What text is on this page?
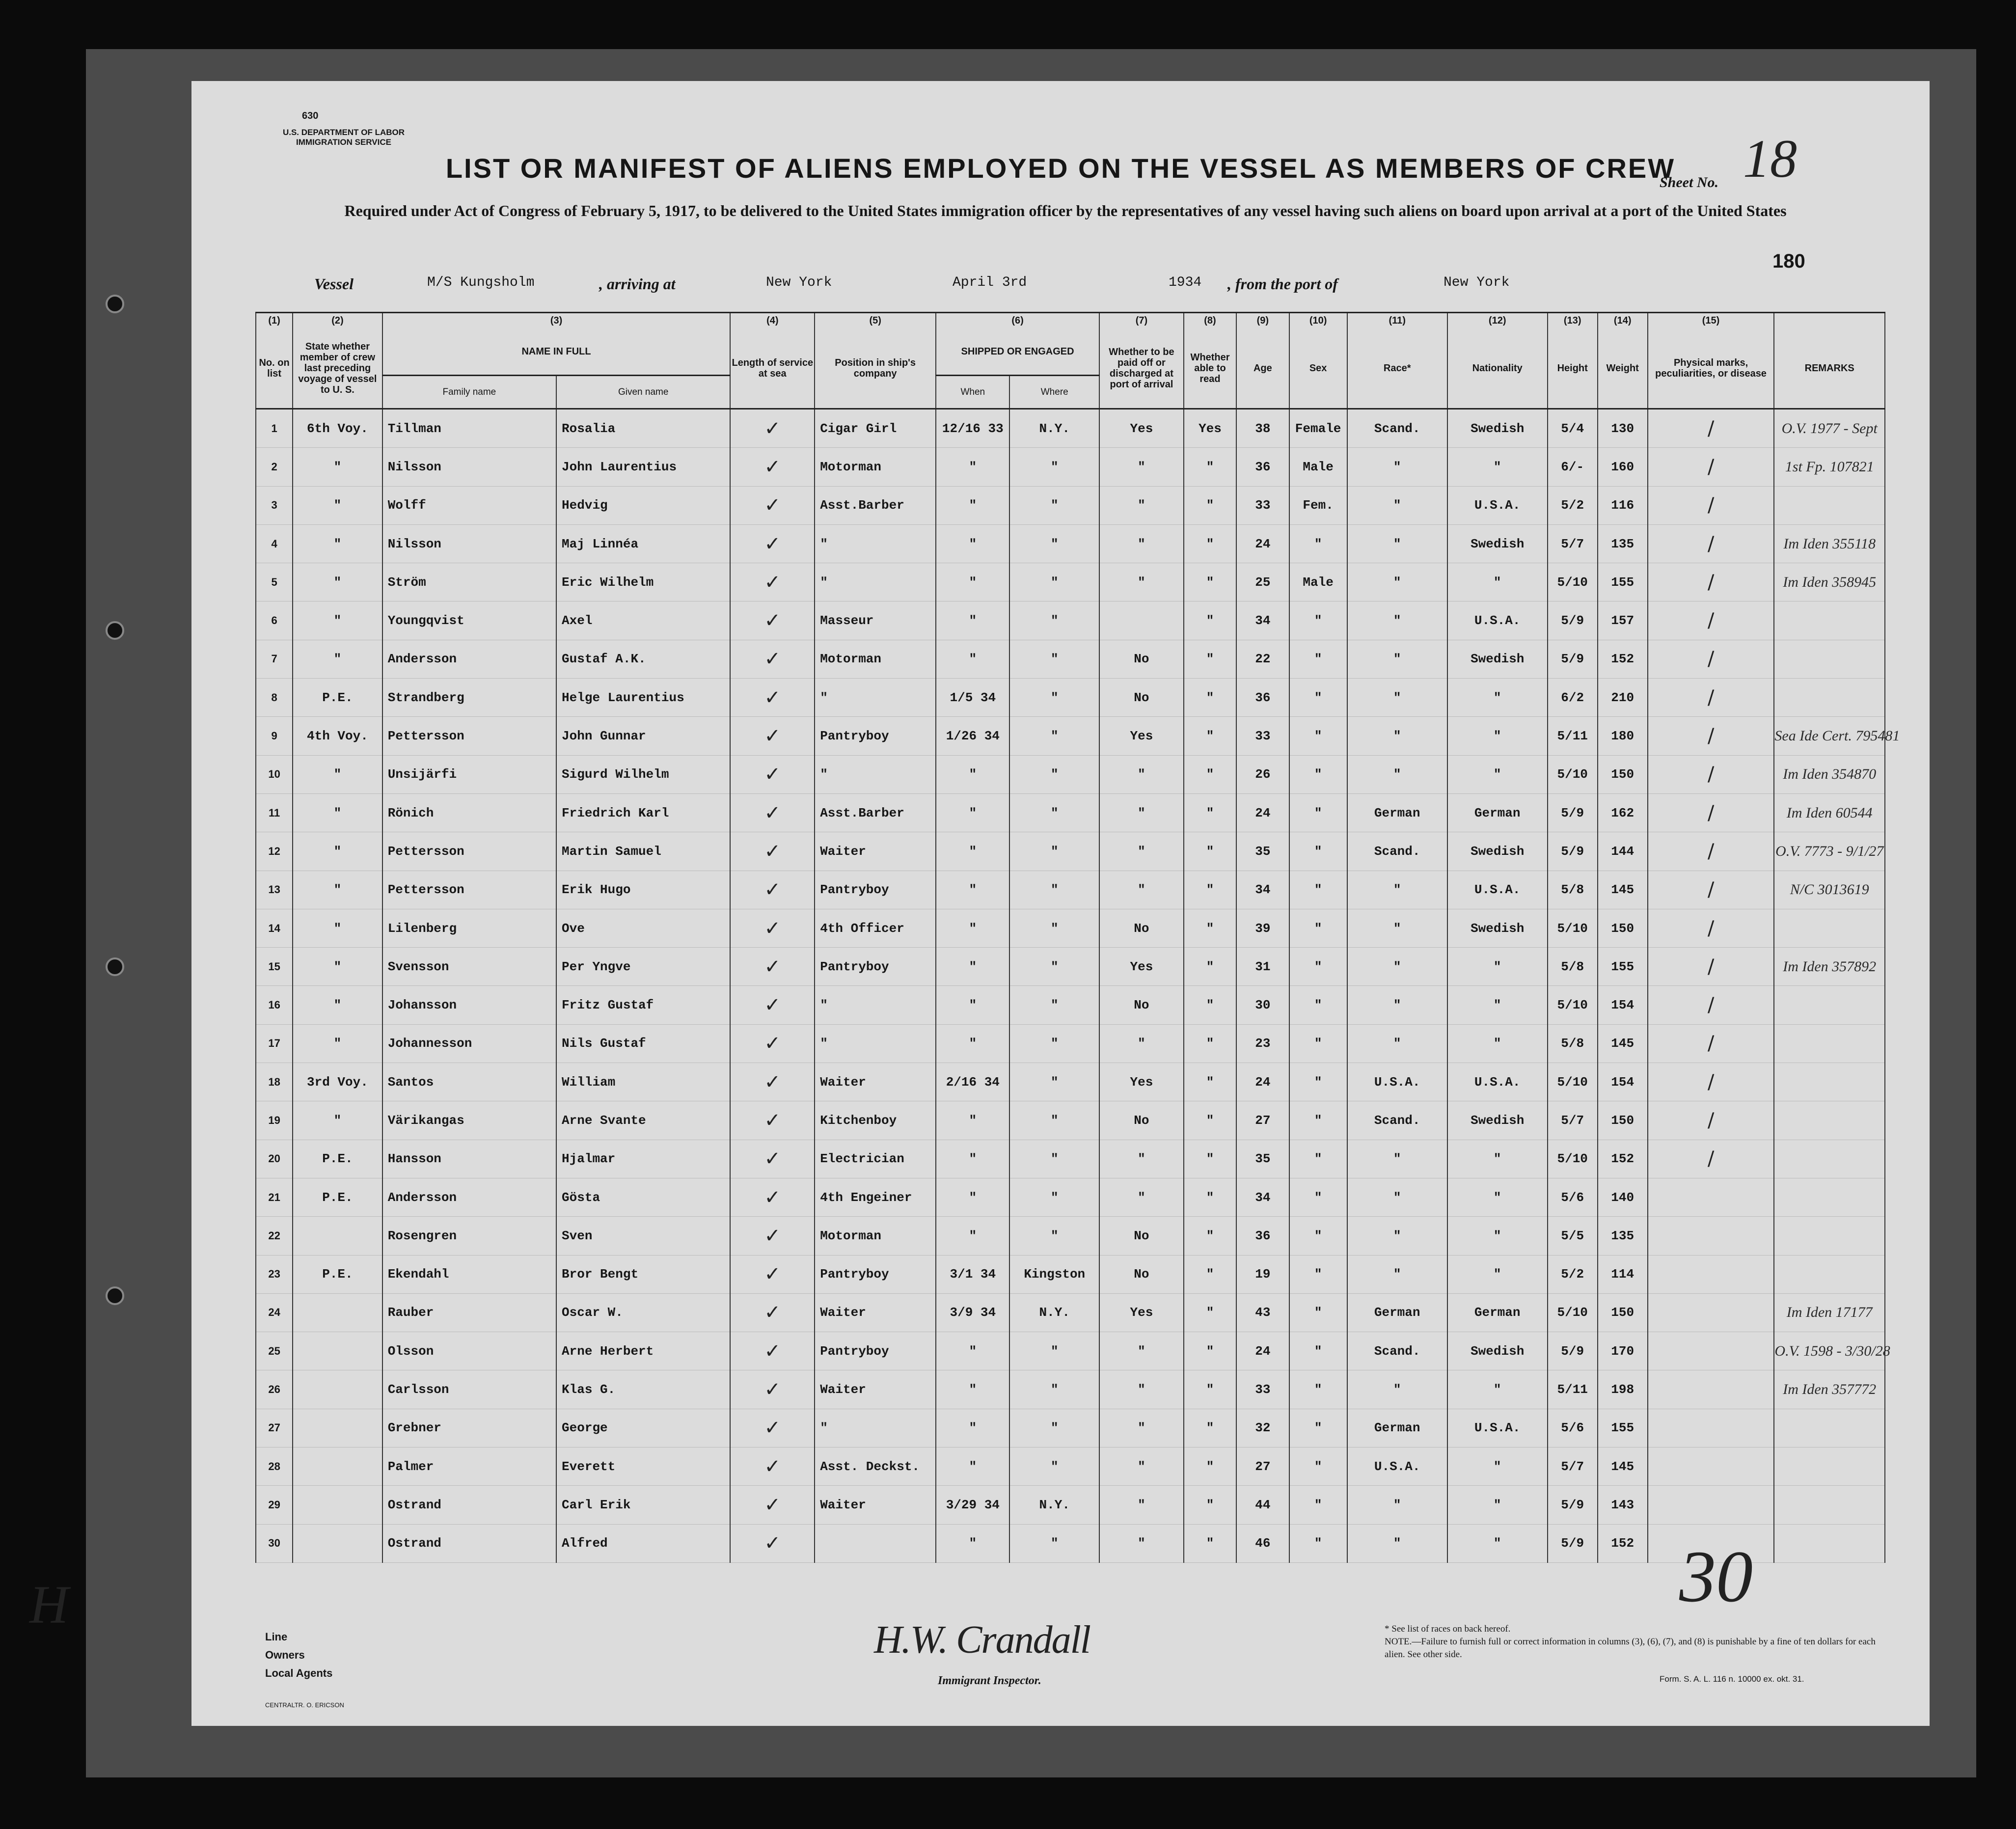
630
U.S. DEPARTMENT OF LABOR
IMMIGRATION SERVICE
Sheet No. 18
180
LIST OR MANIFEST OF ALIENS EMPLOYED ON THE VESSEL AS MEMBERS OF CREW
Required under Act of Congress of February 5, 1917, to be delivered to the United States immigration officer by the representatives of any vessel having such aliens on board upon arrival at a port of the United States
Vessel	M/S Kungsholm	, arriving at	New York	April 3rd	1934 , from the port of	New York
(1)	(2)	(3)		(4)	(5)	(6)		(7)	(8)	(9)	(10)	(11)	(12)	(13)	(14)	(15)	
No. on list	State whether member of crew last preceding voyage of vessel to U. S.	NAME IN FULL		Length of service at sea	Position in ship's company	SHIPPED OR ENGAGED		Whether to be paid off or discharged at port of arrival	Whether able to read	Age	Sex	Race*	Nationality	Height	Weight	Physical marks, peculiarities, or disease	REMARKS
		Family name	Given name			When	Where										
1	6th Voy.	Tillman	Rosalia	✓	Cigar Girl	12/16 33	N.Y.	Yes	Yes	38	Female	Scand.	Swedish	5/4	130	/	O.V. 1977 - Sept
2	"	Nilsson	John Laurentius	✓	Motorman	"	"	"	"	36	Male	"	"	6/-	160	/	1st Fp. 107821
3	"	Wolff	Hedvig	✓	Asst.Barber	"	"	"	"	33	Fem.	"	U.S.A.	5/2	116	/	
4	"	Nilsson	Maj Linnéa	✓	"	"	"	"	"	24	"	"	Swedish	5/7	135	/	Im Iden 355118
5	"	Ström	Eric Wilhelm	✓	"	"	"	"	"	25	Male	"	"	5/10	155	/	Im Iden 358945
6	"	Youngqvist	Axel	✓	Masseur	"	"		"	34	"	"	U.S.A.	5/9	157	/	
7	"	Andersson	Gustaf A.K.	✓	Motorman	"	"	No	"	22	"	"	Swedish	5/9	152	/	
8	P.E.	Strandberg	Helge Laurentius	✓	"	1/5 34	"	No	"	36	"	"	"	6/2	210	/	
9	4th Voy.	Pettersson	John Gunnar	✓	Pantryboy	1/26 34	"	Yes	"	33	"	"	"	5/11	180	/	Sea Ide Cert. 795481
10	"	Unsijärfi	Sigurd Wilhelm	✓	"	"	"	"	"	26	"	"	"	5/10	150	/	Im Iden 354870
11	"	Rönich	Friedrich Karl	✓	Asst.Barber	"	"	"	"	24	"	German	German	5/9	162	/	Im Iden 60544
12	"	Pettersson	Martin Samuel	✓	Waiter	"	"	"	"	35	"	Scand.	Swedish	5/9	144	/	O.V. 7773 - 9/1/27
13	"	Pettersson	Erik Hugo	✓	Pantryboy	"	"	"	"	34	"	"	U.S.A.	5/8	145	/	N/C 3013619
14	"	Lilenberg	Ove	✓	4th Officer	"	"	No	"	39	"	"	Swedish	5/10	150	/	
15	"	Svensson	Per Yngve	✓	Pantryboy	"	"	Yes	"	31	"	"	"	5/8	155	/	Im Iden 357892
16	"	Johansson	Fritz Gustaf	✓	"	"	"	No	"	30	"	"	"	5/10	154	/	
17	"	Johannesson	Nils Gustaf	✓	"	"	"	"	"	23	"	"	"	5/8	145	/	
18	3rd Voy.	Santos	William	✓	Waiter	2/16 34	"	Yes	"	24	"	U.S.A.	U.S.A.	5/10	154	/	
19	"	Värikangas	Arne Svante	✓	Kitchenboy	"	"	No	"	27	"	Scand.	Swedish	5/7	150	/	
20	P.E.	Hansson	Hjalmar	✓	Electrician	"	"	"	"	35	"	"	"	5/10	152	/	
21	P.E.	Andersson	Gösta	✓	4th Engeiner	"	"	"	"	34	"	"	"	5/6	140		
22		Rosengren	Sven	✓	Motorman	"	"	No	"	36	"	"	"	5/5	135		
23	P.E.	Ekendahl	Bror Bengt	✓	Pantryboy	3/1 34	Kingston	No	"	19	"	"	"	5/2	114		
24		Rauber	Oscar W.	✓	Waiter	3/9 34	N.Y.	Yes	"	43	"	German	German	5/10	150		Im Iden 17177
25		Olsson	Arne Herbert	✓	Pantryboy	"	"	"	"	24	"	Scand.	Swedish	5/9	170		O.V. 1598 - 3/30/28
26		Carlsson	Klas G.	✓	Waiter	"	"	"	"	33	"	"	"	5/11	198		Im Iden 357772
27		Grebner	George	✓	"	"	"	"	"	32	"	German	U.S.A.	5/6	155		
28		Palmer	Everett	✓	Asst. Deckst.	"	"	"	"	27	"	U.S.A.	"	5/7	145		
29		Ostrand	Carl Erik	✓	Waiter	3/29 34	N.Y.	"	"	44	"	"	"	5/9	143		
30		Ostrand	Alfred	✓		"	"	"	"	46	"	"	"	5/9	152		30
Line
Owners
Local Agents
H.W. Crandall
Immigrant Inspector.
* See list of races on back hereof.
NOTE.—Failure to furnish full or correct information in columns (3), (6), (7), and (8) is punishable by a fine of ten dollars for each alien. See other side.
Form. S. A. L. 116 n. 10000 ex. okt. 31.
CENTRALTR. O. ERICSON
H
